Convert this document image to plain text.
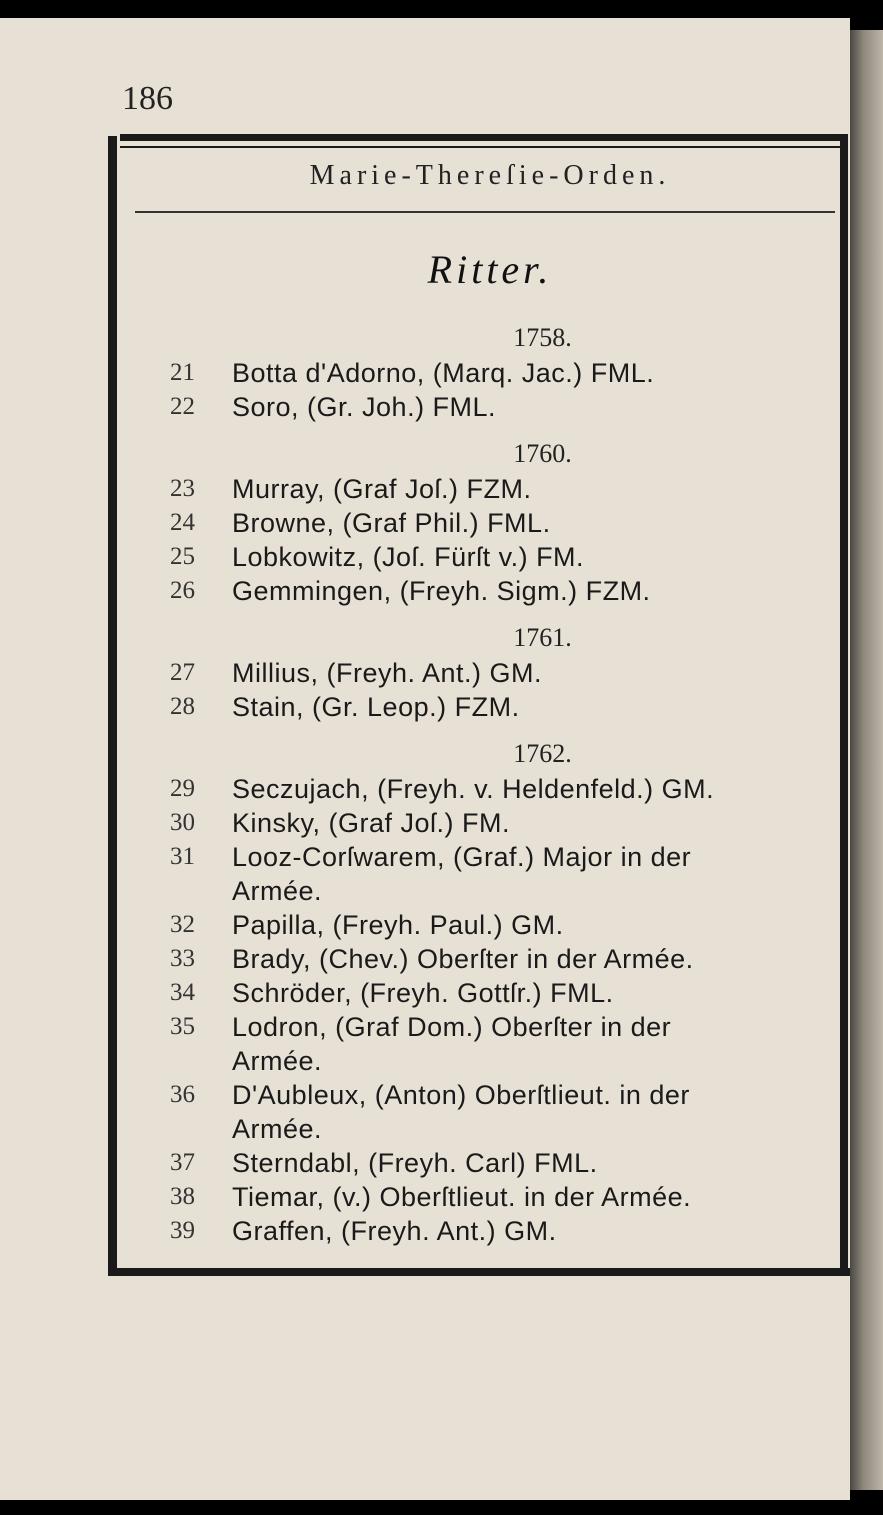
186

Marie-Thereſie-Orden.
Ritter.
1758.
21	Botta d'Adorno, (Marq. Jac.) FML.
22	Soro, (Gr. Joh.) FML.
1760.
23	Murray, (Graf Joſ.) FZM.
24	Browne, (Graf Phil.) FML.
25	Lobkowitz, (Joſ. Fürſt v.) FM.
26	Gemmingen, (Freyh. Sigm.) FZM.
1761.
27	Millius, (Freyh. Ant.) GM.
28	Stain, (Gr. Leop.) FZM.
1762.
29	Seczujach, (Freyh. v. Heldenfeld.) GM.
30	Kinsky, (Graf Joſ.) FM.
31	Looz-Corſwarem, (Graf.) Major in der
Armée.
32	Papilla, (Freyh. Paul.) GM.
33	Brady, (Chev.) Oberſter in der Armée.
34	Schröder, (Freyh. Gottſr.) FML.
35	Lodron, (Graf Dom.) Oberſter in der
Armée.
36	D'Aubleux, (Anton) Oberſtlieut. in der
Armée.
37	Sterndabl, (Freyh. Carl) FML.
38	Tiemar, (v.) Oberſtlieut. in der Armée.
39	Graffen, (Freyh. Ant.) GM.
